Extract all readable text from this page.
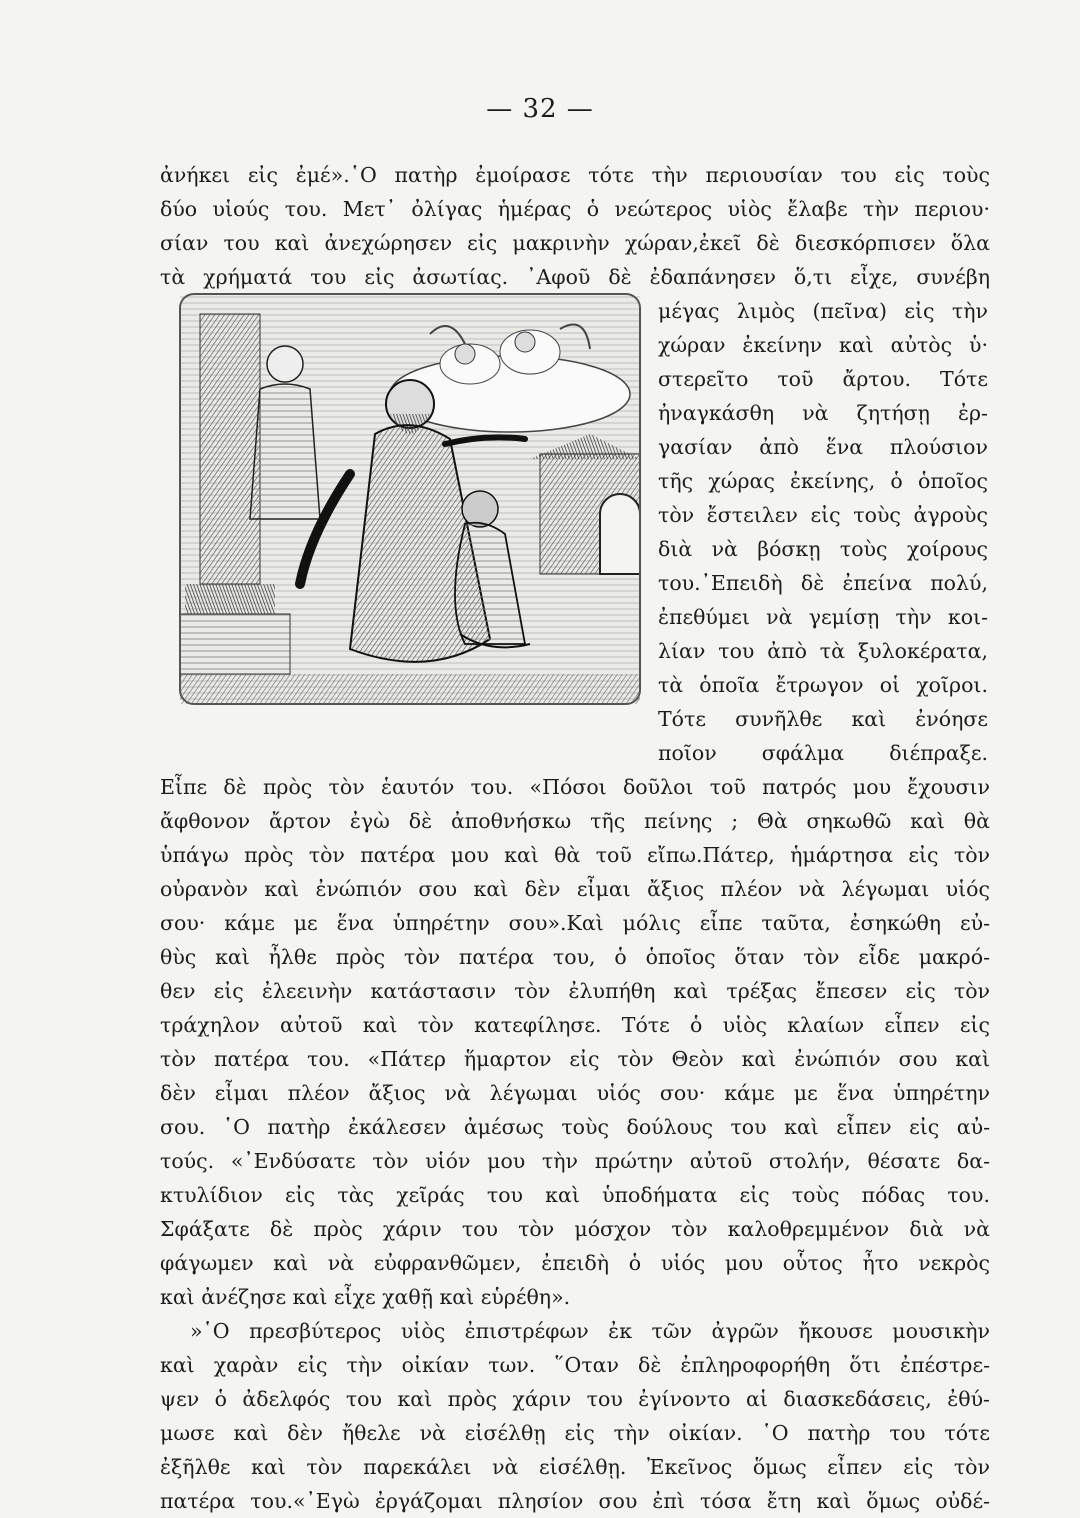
— 32 —
ἀνήκει εἰς ἐμέ».῾Ο πατὴρ ἐμοίρασε τότε τὴν περιουσίαν του εἰς τοὺς
δύο υἱούς του. Μετ᾽ ὀλίγας ἡμέρας ὁ νεώτερος υἱὸς ἔλαβε τὴν περιου·
σίαν του καὶ ἀνεχώρησεν εἰς μακρινὴν χώραν,ἐκεῖ δὲ διεσκόρπισεν ὅλα
τὰ χρήματά του εἰς ἀσωτίας. ᾿Αφοῦ δὲ ἐδαπάνησεν ὅ,τι εἶχε, συνέβη
μέγας λιμὸς (πεῖνα) εἰς τὴν
χώραν ἐκείνην καὶ αὐτὸς ὑ·
στερεῖτο τοῦ ἄρτου. Τότε
ἠναγκάσθη νὰ ζητήσῃ ἐρ-
γασίαν ἀπὸ ἕνα πλούσιον
τῆς χώρας ἐκείνης, ὁ ὁποῖος
τὸν ἔστειλεν εἰς τοὺς ἀγροὺς
διὰ νὰ βόσκῃ τοὺς χοίρους
του.᾿Επειδὴ δὲ ἐπείνα πολύ,
ἐπεθύμει νὰ γεμίσῃ τὴν κοι-
λίαν του ἀπὸ τὰ ξυλοκέρατα,
τὰ ὁποῖα ἔτρωγον οἱ χοῖροι.
Τότε συνῆλθε καὶ ἐνόησε
ποῖον σφάλμα διέπραξε.
Εἶπε δὲ πρὸς τὸν ἑαυτόν του. «Πόσοι δοῦλοι τοῦ πατρός μου ἔχουσιν
ἄφθονον ἄρτον ἐγὼ δὲ ἀποθνήσκω τῆς πείνης ; Θὰ σηκωθῶ καὶ θὰ
ὑπάγω πρὸς τὸν πατέρα μου καὶ θὰ τοῦ εἴπω.Πάτερ, ἡμάρτησα εἰς τὸν
οὐρανὸν καὶ ἐνώπιόν σου καὶ δὲν εἶμαι ἄξιος πλέον νὰ λέγωμαι υἱός
σου· κάμε με ἕνα ὑπηρέτην σου».Καὶ μόλις εἶπε ταῦτα, ἐσηκώθη εὐ-
θὺς καὶ ἦλθε πρὸς τὸν πατέρα του, ὁ ὁποῖος ὅταν τὸν εἶδε μακρό-
θεν εἰς ἐλεεινὴν κατάστασιν τὸν ἐλυπήθη καὶ τρέξας ἔπεσεν εἰς τὸν
τράχηλον αὐτοῦ καὶ τὸν κατεφίλησε. Τότε ὁ υἱὸς κλαίων εἶπεν εἰς
τὸν πατέρα του. «Πάτερ ἥμαρτον εἰς τὸν Θεὸν καὶ ἐνώπιόν σου καὶ
δὲν εἶμαι πλέον ἄξιος νὰ λέγωμαι υἱός σου· κάμε με ἕνα ὑπηρέτην
σου. ῾Ο πατὴρ ἐκάλεσεν ἀμέσως τοὺς δούλους του καὶ εἶπεν εἰς αὐ-
τούς. «᾿Ενδύσατε τὸν υἱόν μου τὴν πρώτην αὐτοῦ στολήν, θέσατε δα-
κτυλίδιον εἰς τὰς χεῖράς του καὶ ὑποδήματα εἰς τοὺς πόδας του.
Σφάξατε δὲ πρὸς χάριν του τὸν μόσχον τὸν καλοθρεμμένον διὰ νὰ
φάγωμεν καὶ νὰ εὐφρανθῶμεν, ἐπειδὴ ὁ υἱός μου οὗτος ἦτο νεκρὸς
καὶ ἀνέζησε καὶ εἶχε χαθῇ καὶ εὑρέθη».
»῾Ο πρεσβύτερος υἱὸς ἐπιστρέφων ἐκ τῶν ἀγρῶν ἤκουσε μουσικὴν
καὶ χαρὰν εἰς τὴν οἰκίαν των. ῞Οταν δὲ ἐπληροφορήθη ὅτι ἐπέστρε-
ψεν ὁ ἀδελφός του καὶ πρὸς χάριν του ἐγίνοντο αἱ διασκεδάσεις, ἐθύ-
μωσε καὶ δὲν ἤθελε νὰ εἰσέλθῃ εἰς τὴν οἰκίαν. ῾Ο πατὴρ του τότε
ἐξῆλθε καὶ τὸν παρεκάλει νὰ εἰσέλθῃ. Ἐκεῖνος ὅμως εἶπεν εἰς τὸν
πατέρα του.«᾿Εγὼ ἐργάζομαι πλησίον σου ἐπὶ τόσα ἔτη καὶ ὅμως οὐδέ-
